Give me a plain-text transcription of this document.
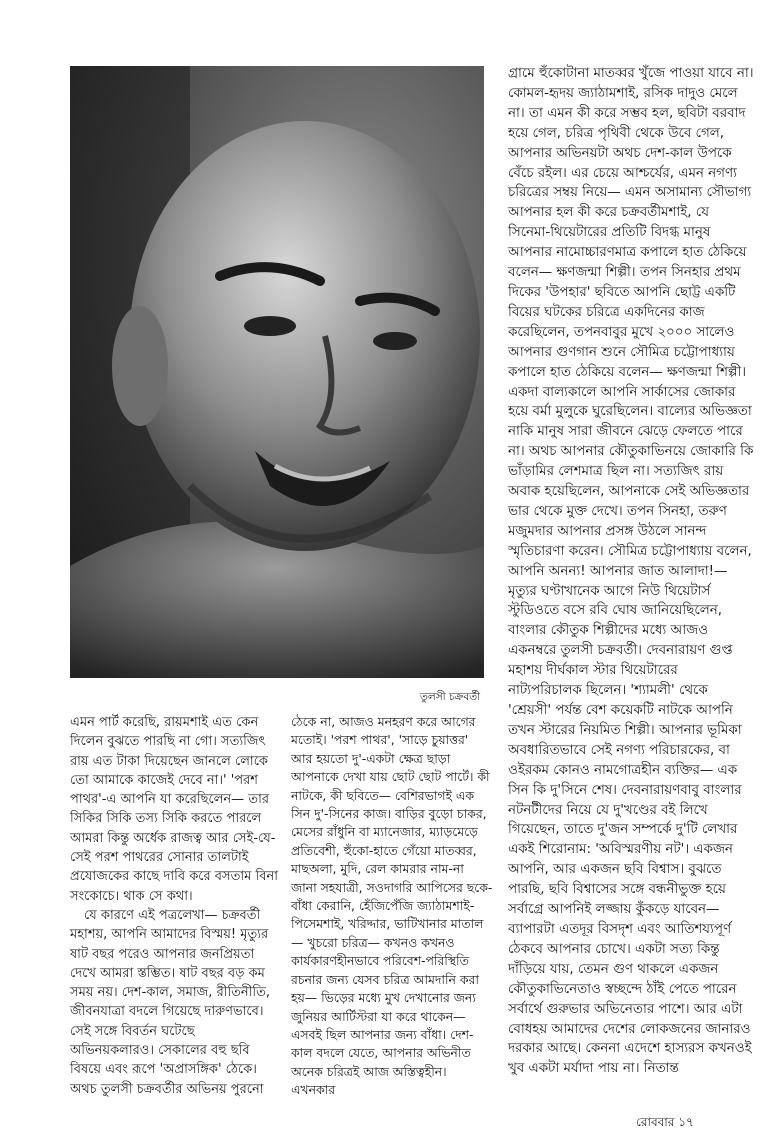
তুলসী চক্রবর্তী

গ্রামে হুঁকোটানা মাতব্বর খুঁজে পাওয়া যাবে না। কোমল-হৃদয় জ্যাঠামশাই, রসিক দাদুও মেলে না। তা এমন কী করে সম্ভব হল, ছবিটা বরবাদ হয়ে গেল, চরিত্র পৃথিবী থেকে উবে গেল, আপনার অভিনয়টা অথচ দেশ-কাল উপকে বেঁচে রইল। এর চেয়ে আশ্চর্যের, এমন নগণ্য চরিত্রের সম্বয় নিয়ে— এমন অসামান্য সৌভাগ্য আপনার হল কী করে চক্রবর্তীমশাই, যে সিনেমা-থিয়েটারের প্রতিটি বিদগ্ধ মানুষ আপনার নামোচ্চারণমাত্র কপালে হাত ঠেকিয়ে বলেন— ক্ষণজন্মা শিল্পী। তপন সিনহার প্রথম দিকের 'উপহার' ছবিতে আপনি ছোট্ট একটি বিয়ের ঘটকের চরিত্রে একদিনের কাজ করেছিলেন, তপনবাবুর মুখে ২০০০ সালেও আপনার গুণগান শুনে সৌমিত্র চট্টোপাধ্যায় কপালে হাত ঠেকিয়ে বলেন— ক্ষণজন্মা শিল্পী। একদা বাল্যকালে আপনি সার্কাসের জোকার হয়ে বর্মা মুলুকে ঘুরেছিলেন। বাল্যের অভিজ্ঞতা নাকি মানুষ সারা জীবনে ঝেড়ে ফেলতে পারে না। অথচ আপনার কৌতুকাভিনয়ে জোকারি কি ভাঁড়ামির লেশমাত্র ছিল না। সত্যজিৎ রায় অবাক হয়েছিলেন, আপনাকে সেই অভিজ্ঞতার ভার থেকে মুক্ত দেখে। তপন সিনহা, তরুণ মজুমদার আপনার প্রসঙ্গ উঠলে সানন্দ স্মৃতিচারণা করেন। সৌমিত্র চট্টোপাধ্যায় বলেন, আপনি অনন্য! আপনার জাত আলাদা!— মৃত্যুর ঘণ্টাখানেক আগে নিউ থিয়েটার্স স্টুডিওতে বসে রবি ঘোষ জানিয়েছিলেন, বাংলার কৌতুক শিল্পীদের মধ্যে আজও একনম্বরে তুলসী চক্রবর্তী। দেবনারায়ণ গুপ্ত মহাশয় দীর্ঘকাল স্টার থিয়েটারের নাট্যপরিচালক ছিলেন। 'শ্যামলী' থেকে 'শ্রেয়সী' পর্যন্ত বেশ কয়েকটি নাটকে আপনি তখন স্টারের নিয়মিত শিল্পী। আপনার ভূমিকা অবধারিতভাবে সেই নগণ্য পরিচারকের, বা ওইরকম কোনও নামগোত্রহীন ব্যক্তির— এক সিন কি দু'সিনে শেষ। দেবনারায়ণবাবু বাংলার নটনটীদের নিয়ে যে দু'খণ্ডের বই লিখে গিয়েছেন, তাতে দু'জন সম্পর্কে দু'টি লেখার একই শিরোনাম: 'অবিস্মরণীয় নট'। একজন আপনি, আর একজন ছবি বিশ্বাস। বুঝতে পারছি, ছবি বিশ্বাসের সঙ্গে বন্ধনীভুক্ত হয়ে সর্বাগ্রে আপনিই লজ্জায় কুঁকড়ে যাবেন— ব্যাপারটা এতদূর বিসদৃশ এবং আতিশয্যপূর্ণ ঠেকবে আপনার চোখে। একটা সত্য কিন্তু দাঁড়িয়ে যায়, তেমন গুণ থাকলে একজন কৌতুকাভিনেতাও স্বচ্ছন্দে ঠাঁই পেতে পারেন সর্বার্থে গুরুভার অভিনেতার পাশে। আর এটা বোধহয় আমাদের দেশের লোকজনের জানারও দরকার আছে। কেননা এদেশে হাস্যরস কখনওই খুব একটা মর্যাদা পায় না। নিতান্ত

এমন পার্ট করেছি, রায়মশাই এত কেন দিলেন বুঝতে পারছি না গো। সত্যজিৎ রায় এত টাকা দিয়েছেন জানলে লোকে তো আমাকে কাজেই দেবে না।' 'পরশ পাথর'-এ আপনি যা করেছিলেন— তার সিকির সিকি তস্য সিকি করতে পারলে আমরা কিন্তু অর্ধেক রাজত্ব আর সেই-যে-সেই পরশ পাথরের সোনার তালটাই প্রযোজকের কাছে দাবি করে বসতাম বিনা সংকোচে। থাক সে কথা।

যে কারণে এই পত্রলেখা— চক্রবর্তী মহাশয়, আপনি আমাদের বিস্ময়! মৃত্যুর ষাট বছর পরেও আপনার জনপ্রিয়তা দেখে আমরা স্তম্ভিত। ষাট বছর বড় কম সময় নয়। দেশ-কাল, সমাজ, রীতিনীতি, জীবনযাত্রা বদলে গিয়েছে দারুণভাবে। সেই সঙ্গে বিবর্তন ঘটেছে অভিনয়কলারও। সেকালের বহু ছবি বিষয়ে এবং রূপে 'অপ্রাসঙ্গিক' ঠেকে। অথচ তুলসী চক্রবর্তীর অভিনয় পুরনো

ঠেকে না, আজও মনহরণ করে আগের মতোই। 'পরশ পাথর', 'সাড়ে চুয়াত্তর' আর হয়তো দু'-একটা ক্ষেত্র ছাড়া আপনাকে দেখা যায় ছোট ছোট পার্টে। কী নাটকে, কী ছবিতে— বেশিরভাগই এক সিন দু'-সিনের কাজ। বাড়ির বুড়ো চাকর, মেসের রাঁধুনি বা ম্যানেজার, ম্যাড়মেড়ে প্রতিবেশী, হুঁকো-হাতে গেঁয়ো মাতব্বর, মাছঅলা, মুদি, রেল কামরার নাম-না জানা সহযাত্রী, সওদাগরি আপিসের ছকে-বাঁধা কেরানি, হেঁজিপেঁজি জ্যাঠামশাই-পিসেমশাই, খরিদ্দার, ভাটিখানার মাতাল— খুচরো চরিত্র— কখনও কখনও কার্যকারণহীনভাবে পরিবেশ-পরিস্থিতি রচনার জন্য যেসব চরিত্র আমদানি করা হয়— ভিড়ের মধ্যে মুখ দেখানোর জন্য জুনিয়র আর্টিস্টরা যা করে থাকেন— এসবই ছিল আপনার জন্য বাঁধা। দেশ-কাল বদলে যেতে, আপনার অভিনীত অনেক চরিত্রই আজ অস্তিত্বহীন। এখনকার

রোববার ১৭
